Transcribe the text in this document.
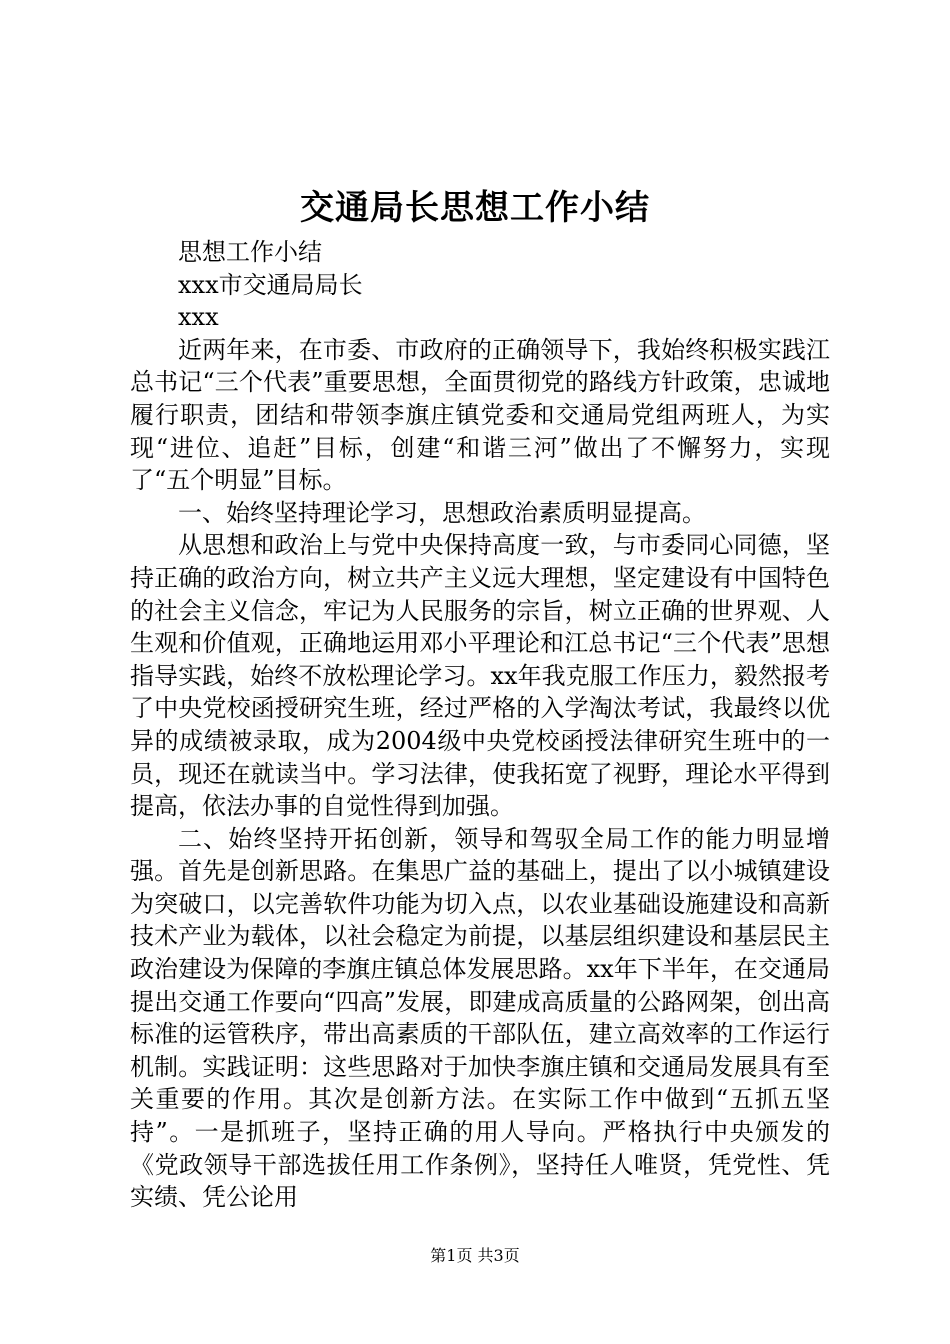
交通局长思想工作小结

思想工作小结

xxx市交通局局长

xxx

近两年来，在市委、市政府的正确领导下，我始终积极实践江总书记“三个代表”重要思想，全面贯彻党的路线方针政策，忠诚地履行职责，团结和带领李旗庄镇党委和交通局党组两班人，为实现“进位、追赶”目标，创建“和谐三河”做出了不懈努力，实现了“五个明显”目标。

一、始终坚持理论学习，思想政治素质明显提高。

从思想和政治上与党中央保持高度一致，与市委同心同德，坚持正确的政治方向，树立共产主义远大理想，坚定建设有中国特色的社会主义信念，牢记为人民服务的宗旨，树立正确的世界观、人生观和价值观，正确地运用邓小平理论和江总书记“三个代表”思想指导实践，始终不放松理论学习。xx年我克服工作压力，毅然报考了中央党校函授研究生班，经过严格的入学淘汰考试，我最终以优异的成绩被录取，成为2004级中央党校函授法律研究生班中的一员，现还在就读当中。学习法律，使我拓宽了视野，理论水平得到提高，依法办事的自觉性得到加强。

二、始终坚持开拓创新，领导和驾驭全局工作的能力明显增强。首先是创新思路。在集思广益的基础上，提出了以小城镇建设为突破口，以完善软件功能为切入点，以农业基础设施建设和高新技术产业为载体，以社会稳定为前提，以基层组织建设和基层民主政治建设为保障的李旗庄镇总体发展思路。xx年下半年，在交通局提出交通工作要向“四高”发展，即建成高质量的公路网架，创出高标准的运管秩序，带出高素质的干部队伍，建立高效率的工作运行机制。实践证明：这些思路对于加快李旗庄镇和交通局发展具有至关重要的作用。其次是创新方法。在实际工作中做到“五抓五坚持”。一是抓班子，坚持正确的用人导向。严格执行中央颁发的《党政领导干部选拔任用工作条例》，坚持任人唯贤，凭党性、凭实绩、凭公论用

第1页 共3页
